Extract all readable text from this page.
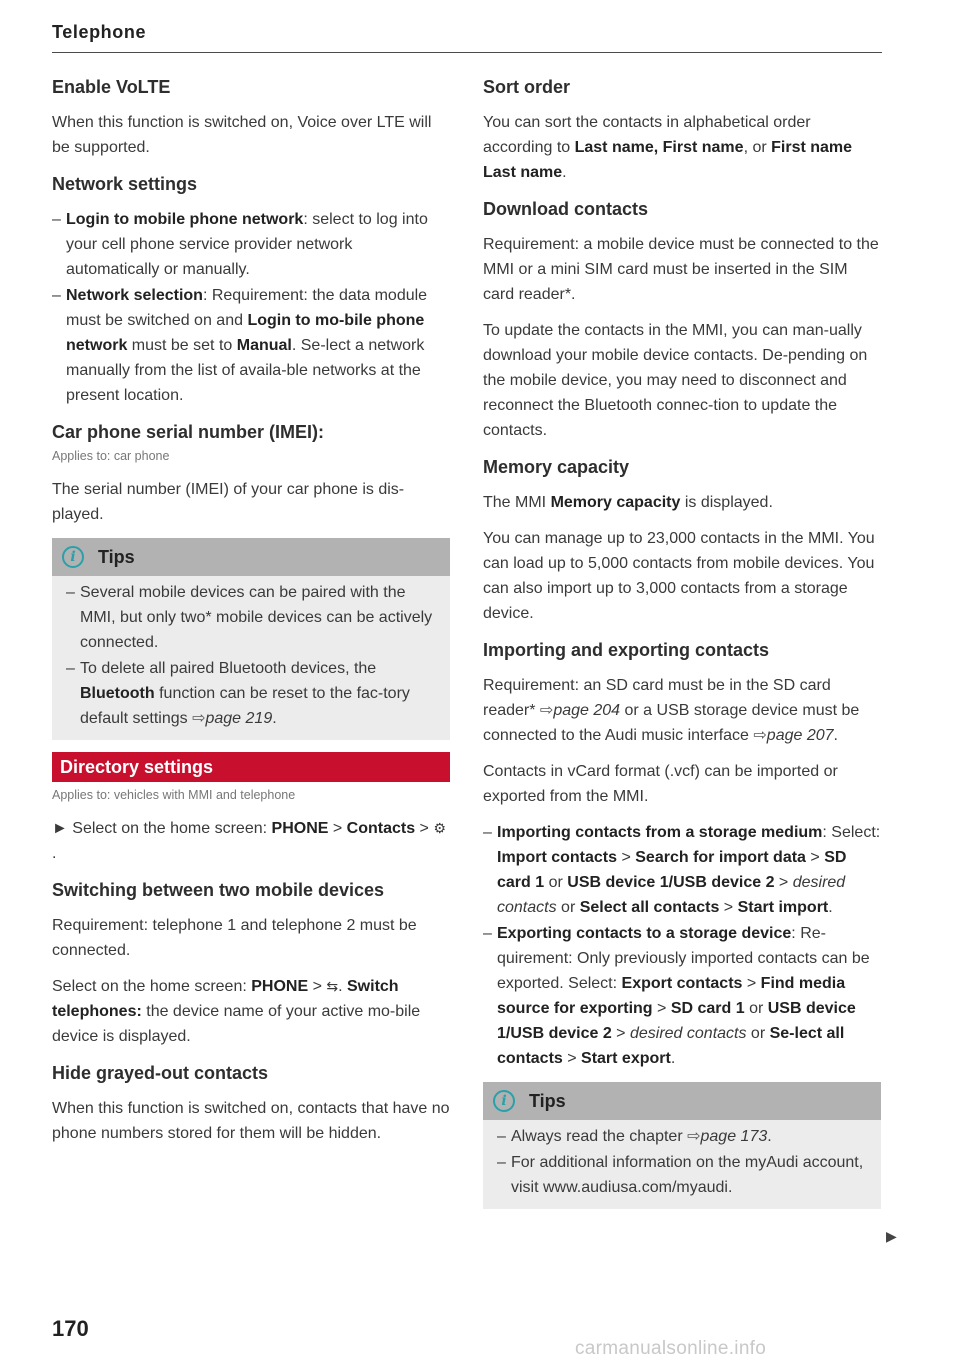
Telephone
Enable VoLTE

When this function is switched on, Voice over LTE will be supported.

Network settings
– Login to mobile phone network: select to log into your cell phone service provider network automatically or manually.
– Network selection: Requirement: the data module must be switched on and Login to mo-bile phone network must be set to Manual. Se-lect a network manually from the list of availa-ble networks at the present location.
Car phone serial number (IMEI):
Applies to: car phone

The serial number (IMEI) of your car phone is dis-played.

i	Tips
– Several mobile devices can be paired with the MMI, but only two* mobile devices can be actively connected.
– To delete all paired Bluetooth devices, the Bluetooth function can be reset to the fac-tory default settings ⇨page 219.
Directory settings
Applies to: vehicles with MMI and telephone

► Select on the home screen: PHONE > Contacts > ⚙.

Switching between two mobile devices

Requirement: telephone 1 and telephone 2 must be connected.

Select on the home screen: PHONE > ⇆. Switch telephones: the device name of your active mo-bile device is displayed.

Hide grayed-out contacts

When this function is switched on, contacts that have no phone numbers stored for them will be hidden.

Sort order

You can sort the contacts in alphabetical order according to Last name, First name, or First name Last name.

Download contacts

Requirement: a mobile device must be connected to the MMI or a mini SIM card must be inserted in the SIM card reader*.

To update the contacts in the MMI, you can man-ually download your mobile device contacts. De-pending on the mobile device, you may need to disconnect and reconnect the Bluetooth connec-tion to update the contacts.

Memory capacity

The MMI Memory capacity is displayed.

You can manage up to 23,000 contacts in the MMI. You can load up to 5,000 contacts from mobile devices. You can also import up to 3,000 contacts from a storage device.

Importing and exporting contacts

Requirement: an SD card must be in the SD card reader* ⇨page 204 or a USB storage device must be connected to the Audi music interface ⇨page 207.

Contacts in vCard format (.vcf) can be imported or exported from the MMI.

– Importing contacts from a storage medium: Select: Import contacts > Search for import data > SD card 1 or USB device 1/USB device 2 > desired contacts or Select all contacts > Start import.
– Exporting contacts to a storage device: Re-quirement: Only previously imported contacts can be exported. Select: Export contacts > Find media source for exporting > SD card 1 or USB device 1/USB device 2 > desired contacts or Se-lect all contacts > Start export.
i	Tips
– Always read the chapter ⇨page 173.
– For additional information on the myAudi account, visit www.audiusa.com/myaudi.
▶
170
carmanualsonline.info
